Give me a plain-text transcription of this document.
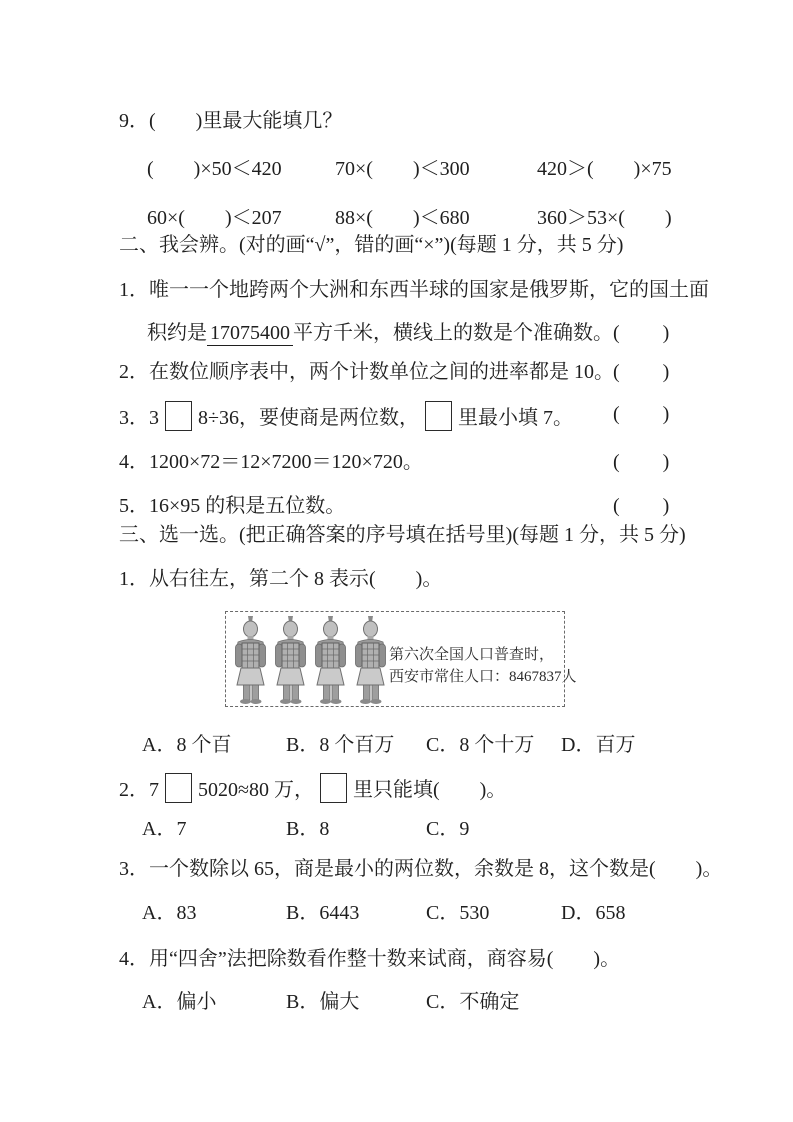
9．(　　)里最大能填几？
(　　)×50＜420	70×(　　)＜300	420＞(　　)×75
60×(　　)＜207	88×(　　)＜680	360＞53×(　　)
二、我会辨。(对的画“√”，错的画“×”)(每题 1 分，共 5 分)
1．唯一一个地跨两个大洲和东西半球的国家是俄罗斯，它的国土面
积约是 17075400 平方千米，横线上的数是个准确数。 (　　)
2．在数位顺序表中，两个计数单位之间的进率都是 10。 (　　)
3．3 8÷36，要使商是两位数， 里最小填 7。 (　　)
4．1200×72＝12×7200＝120×720。	(　　)
5．16×95 的积是五位数。	(　　)
三、选一选。(把正确答案的序号填在括号里)(每题 1 分，共 5 分)
1．从右往左，第二个 8 表示(　　)。
第六次全国人口普查时，
西安市常住人口：8467837人
A．8 个百	B．8 个百万 C．8 个十万 D．百万
2．7 5020≈80 万， 里只能填(　　)。
A．7	B．8	C．9
3．一个数除以 65，商是最小的两位数，余数是 8，这个数是(　　)。
A．83	B．6443	C．530	D．658
4．用“四舍”法把除数看作整十数来试商，商容易(　　)。
A．偏小	B．偏大	C．不确定
